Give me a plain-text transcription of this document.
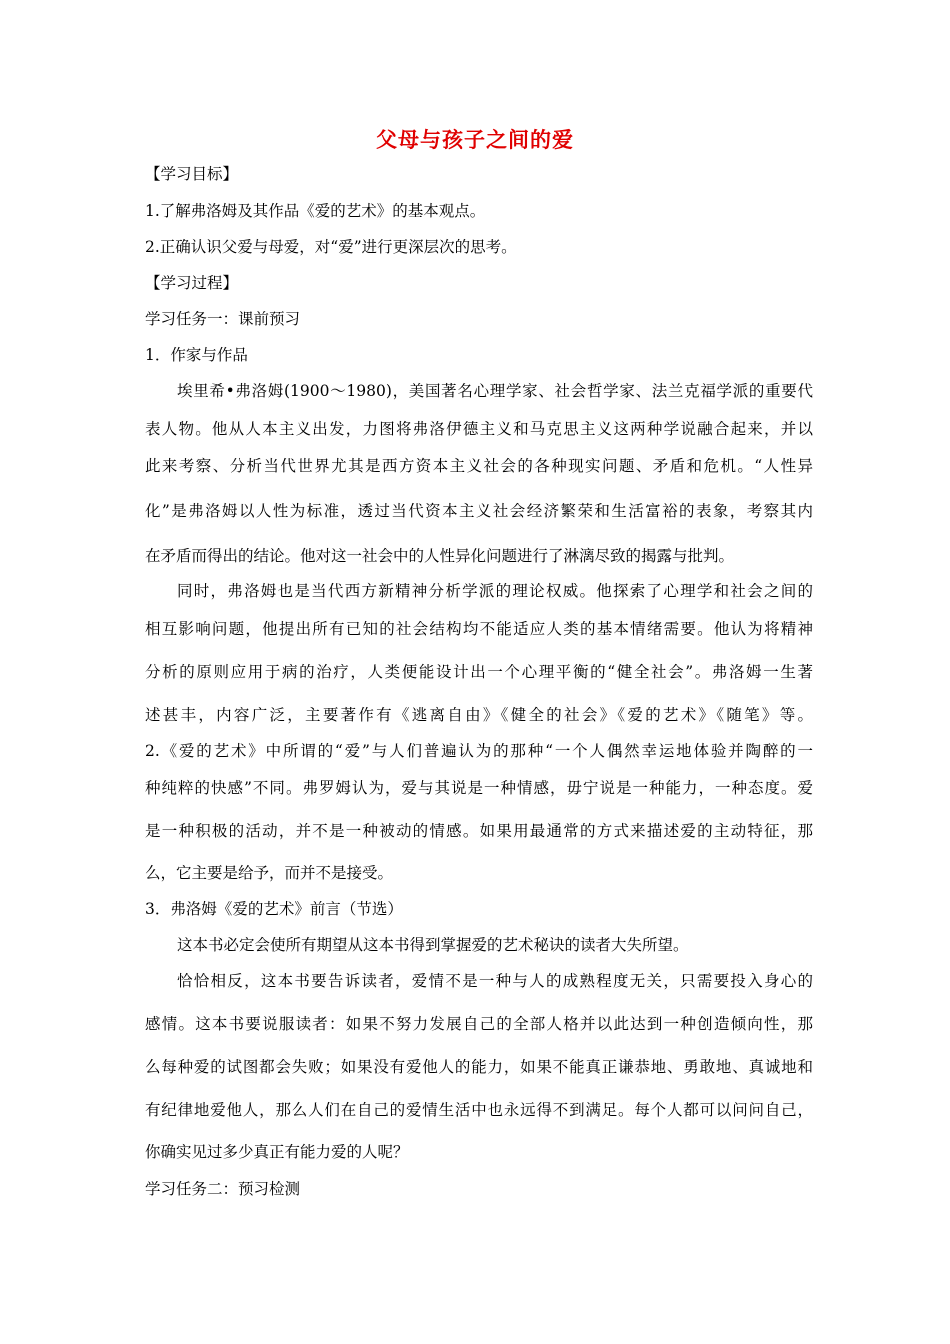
父母与孩子之间的爱
【学习目标】
1.了解弗洛姆及其作品《爱的艺术》的基本观点。
2.正确认识父爱与母爱，对“爱”进行更深层次的思考。
【学习过程】
学习任务一：课前预习
1．作家与作品
埃里希•弗洛姆(1900～1980)，美国著名心理学家、社会哲学家、法兰克福学派的重要代
表人物。他从人本主义出发，力图将弗洛伊德主义和马克思主义这两种学说融合起来，并以
此来考察、分析当代世界尤其是西方资本主义社会的各种现实问题、矛盾和危机。“人性异
化”是弗洛姆以人性为标准，透过当代资本主义社会经济繁荣和生活富裕的表象，考察其内
在矛盾而得出的结论。他对这一社会中的人性异化问题进行了淋漓尽致的揭露与批判。
同时，弗洛姆也是当代西方新精神分析学派的理论权威。他探索了心理学和社会之间的
相互影响问题，他提出所有已知的社会结构均不能适应人类的基本情绪需要。他认为将精神
分析的原则应用于病的治疗，人类便能设计出一个心理平衡的“健全社会”。弗洛姆一生著
述甚丰，内容广泛，主要著作有《逃离自由》《健全的社会》《爱的艺术》《随笔》等。
2.《爱的艺术》中所谓的“爱”与人们普遍认为的那种“一个人偶然幸运地体验并陶醉的一
种纯粹的快感”不同。弗罗姆认为，爱与其说是一种情感，毋宁说是一种能力，一种态度。爱
是一种积极的活动，并不是一种被动的情感。如果用最通常的方式来描述爱的主动特征，那
么，它主要是给予，而并不是接受。
3．弗洛姆《爱的艺术》前言（节选）
这本书必定会使所有期望从这本书得到掌握爱的艺术秘诀的读者大失所望。
恰恰相反，这本书要告诉读者，爱情不是一种与人的成熟程度无关，只需要投入身心的
感情。这本书要说服读者：如果不努力发展自己的全部人格并以此达到一种创造倾向性，那
么每种爱的试图都会失败；如果没有爱他人的能力，如果不能真正谦恭地、勇敢地、真诚地和
有纪律地爱他人，那么人们在自己的爱情生活中也永远得不到满足。每个人都可以问问自己，
你确实见过多少真正有能力爱的人呢？
学习任务二：预习检测
